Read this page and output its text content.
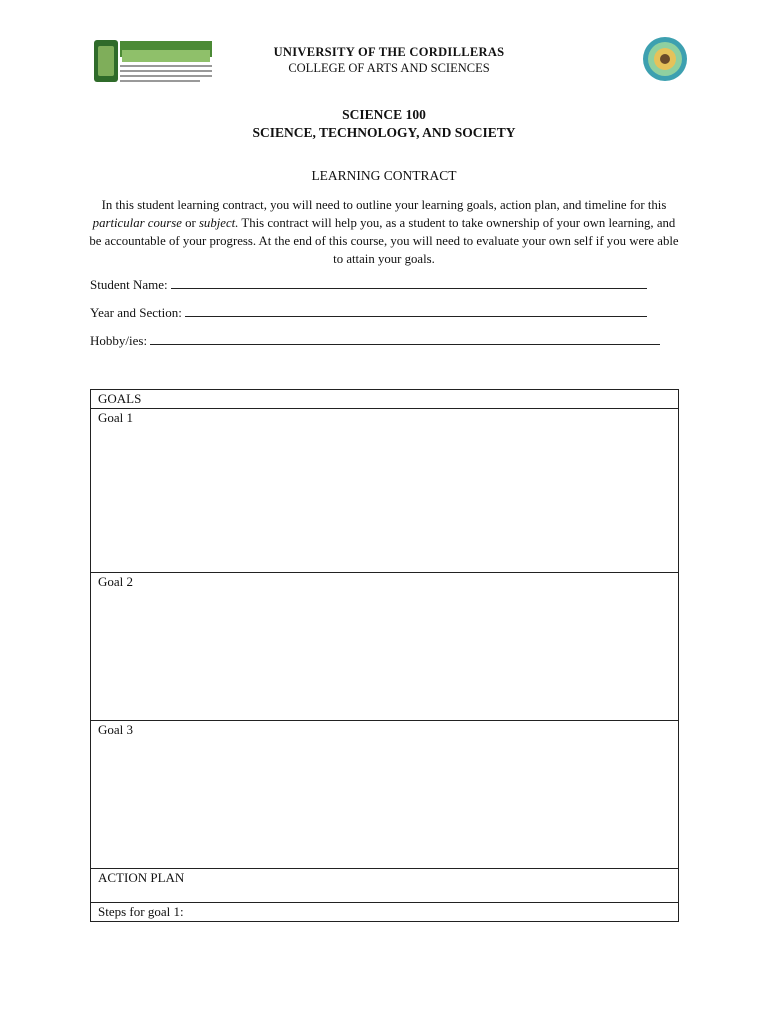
UNIVERSITY OF THE CORDILLERAS
COLLEGE OF ARTS AND SCIENCES
SCIENCE 100
SCIENCE, TECHNOLOGY, AND SOCIETY
LEARNING CONTRACT
In this student learning contract, you will need to outline your learning goals, action plan, and timeline for this particular course or subject. This contract will help you, as a student to take ownership of your own learning, and be accountable of your progress. At the end of this course, you will need to evaluate your own self if you were able to attain your goals.
Student Name:
Year and Section:
Hobby/ies:
GOALS
Goal 1
Goal 2
Goal 3
ACTION PLAN
Steps for goal 1:
